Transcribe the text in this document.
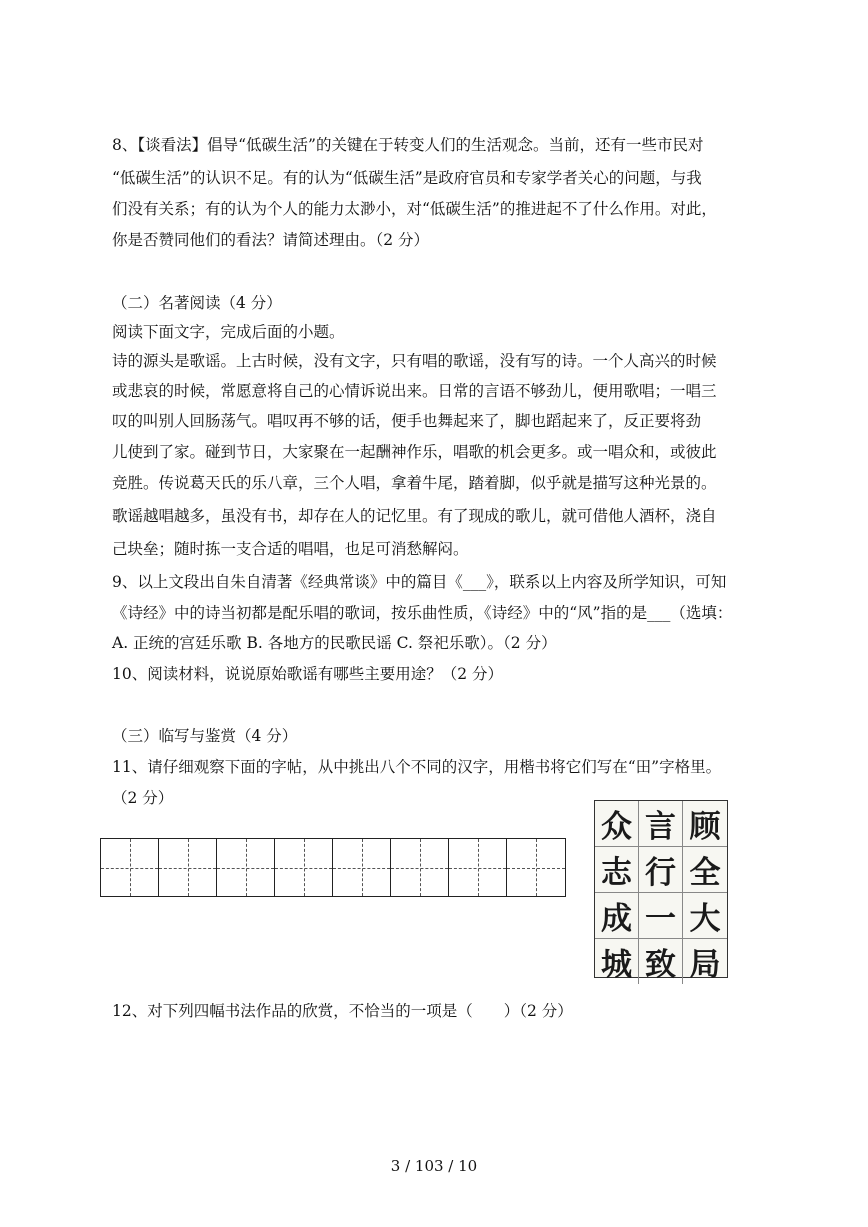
8、【谈看法】倡导“低碳生活”的关键在于转变人们的生活观念。当前，还有一些市民对
“低碳生活”的认识不足。有的认为“低碳生活”是政府官员和专家学者关心的问题，与我
们没有关系；有的认为个人的能力太渺小，对“低碳生活”的推进起不了什么作用。对此，
你是否赞同他们的看法？请简述理由。（2 分）
（二）名著阅读（4 分）
阅读下面文字，完成后面的小题。
诗的源头是歌谣。上古时候，没有文字，只有唱的歌谣，没有写的诗。一个人高兴的时候
或悲哀的时候，常愿意将自己的心情诉说出来。日常的言语不够劲儿，便用歌唱；一唱三
叹的叫别人回肠荡气。唱叹再不够的话，便手也舞起来了，脚也蹈起来了，反正要将劲
儿使到了家。碰到节日，大家聚在一起酬神作乐，唱歌的机会更多。或一唱众和，或彼此
竞胜。传说葛天氏的乐八章，三个人唱，拿着牛尾，踏着脚，似乎就是描写这种光景的。
歌谣越唱越多，虽没有书，却存在人的记忆里。有了现成的歌儿，就可借他人酒杯，浇自
己块垒；随时拣一支合适的唱唱，也足可消愁解闷。
9、以上文段出自朱自清著《经典常谈》中的篇目《___》，联系以上内容及所学知识，可知
《诗经》中的诗当初都是配乐唱的歌词，按乐曲性质，《诗经》中的“风”指的是___（选填：
A. 正统的宫廷乐歌 B. 各地方的民歌民谣 C. 祭祀乐歌）。（2 分）
10、阅读材料，说说原始歌谣有哪些主要用途？（2 分）
（三）临写与鉴赏（4 分）
11、请仔细观察下面的字帖，从中挑出八个不同的汉字，用楷书将它们写在“田”字格里。
（2 分）
众 言 顾
志 行 全
成 一 大
城 致 局
12、对下列四幅书法作品的欣赏，不恰当的一项是（　　）（2 分）
3 / 103 / 10
